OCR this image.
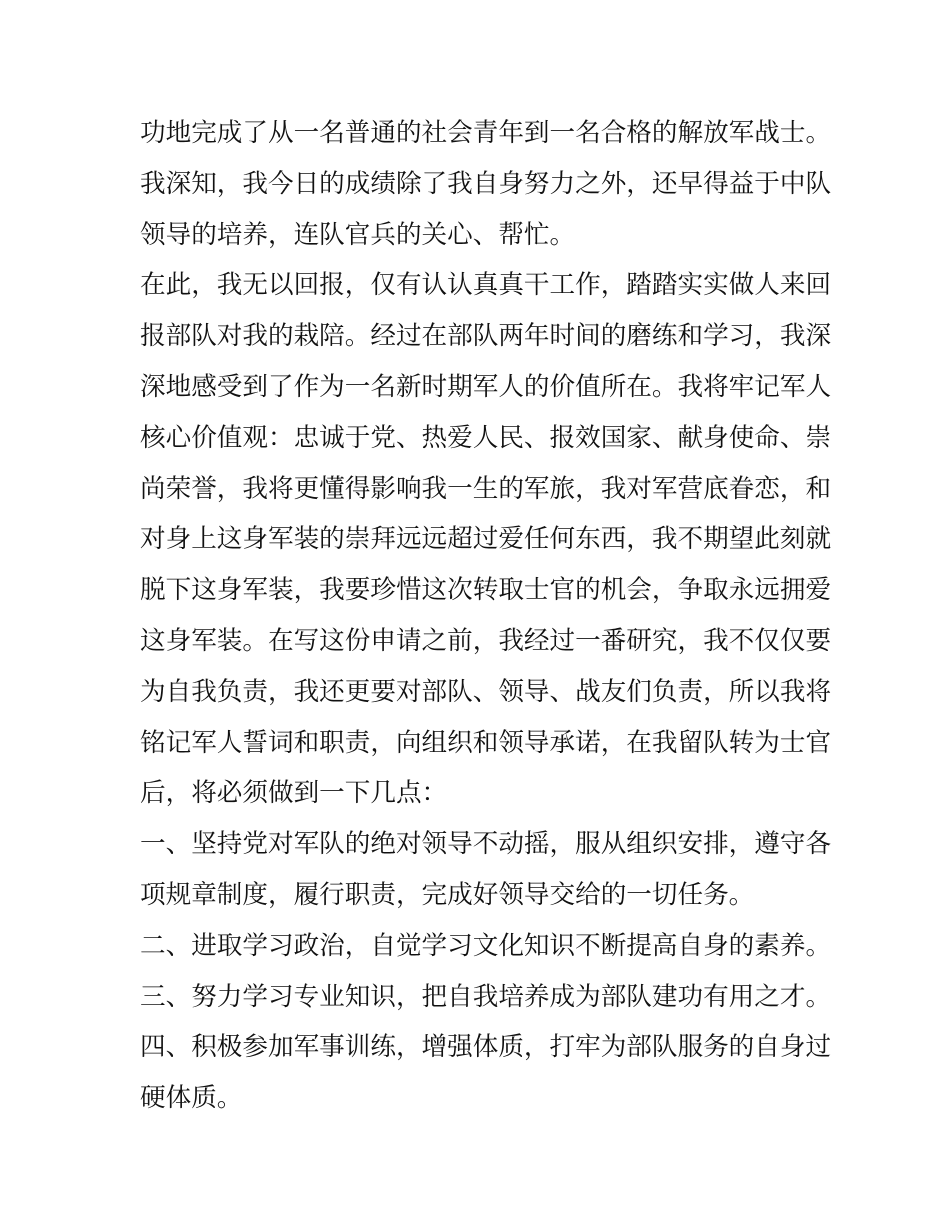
功地完成了从一名普通的社会青年到一名合格的解放军战士。
我深知，我今日的成绩除了我自身努力之外，还早得益于中队
领导的培养，连队官兵的关心、帮忙。
在此，我无以回报，仅有认认真真干工作，踏踏实实做人来回
报部队对我的栽陪。经过在部队两年时间的磨练和学习，我深
深地感受到了作为一名新时期军人的价值所在。我将牢记军人
核心价值观：忠诚于党、热爱人民、报效国家、献身使命、崇
尚荣誉，我将更懂得影响我一生的军旅，我对军营底眷恋，和
对身上这身军装的崇拜远远超过爱任何东西，我不期望此刻就
脱下这身军装，我要珍惜这次转取士官的机会，争取永远拥爱
这身军装。在写这份申请之前，我经过一番研究，我不仅仅要
为自我负责，我还更要对部队、领导、战友们负责，所以我将
铭记军人誓词和职责，向组织和领导承诺，在我留队转为士官
后，将必须做到一下几点：
一、坚持党对军队的绝对领导不动摇，服从组织安排，遵守各
项规章制度，履行职责，完成好领导交给的一切任务。
二、进取学习政治，自觉学习文化知识不断提高自身的素养。
三、努力学习专业知识，把自我培养成为部队建功有用之才。
四、积极参加军事训练，增强体质，打牢为部队服务的自身过
硬体质。
